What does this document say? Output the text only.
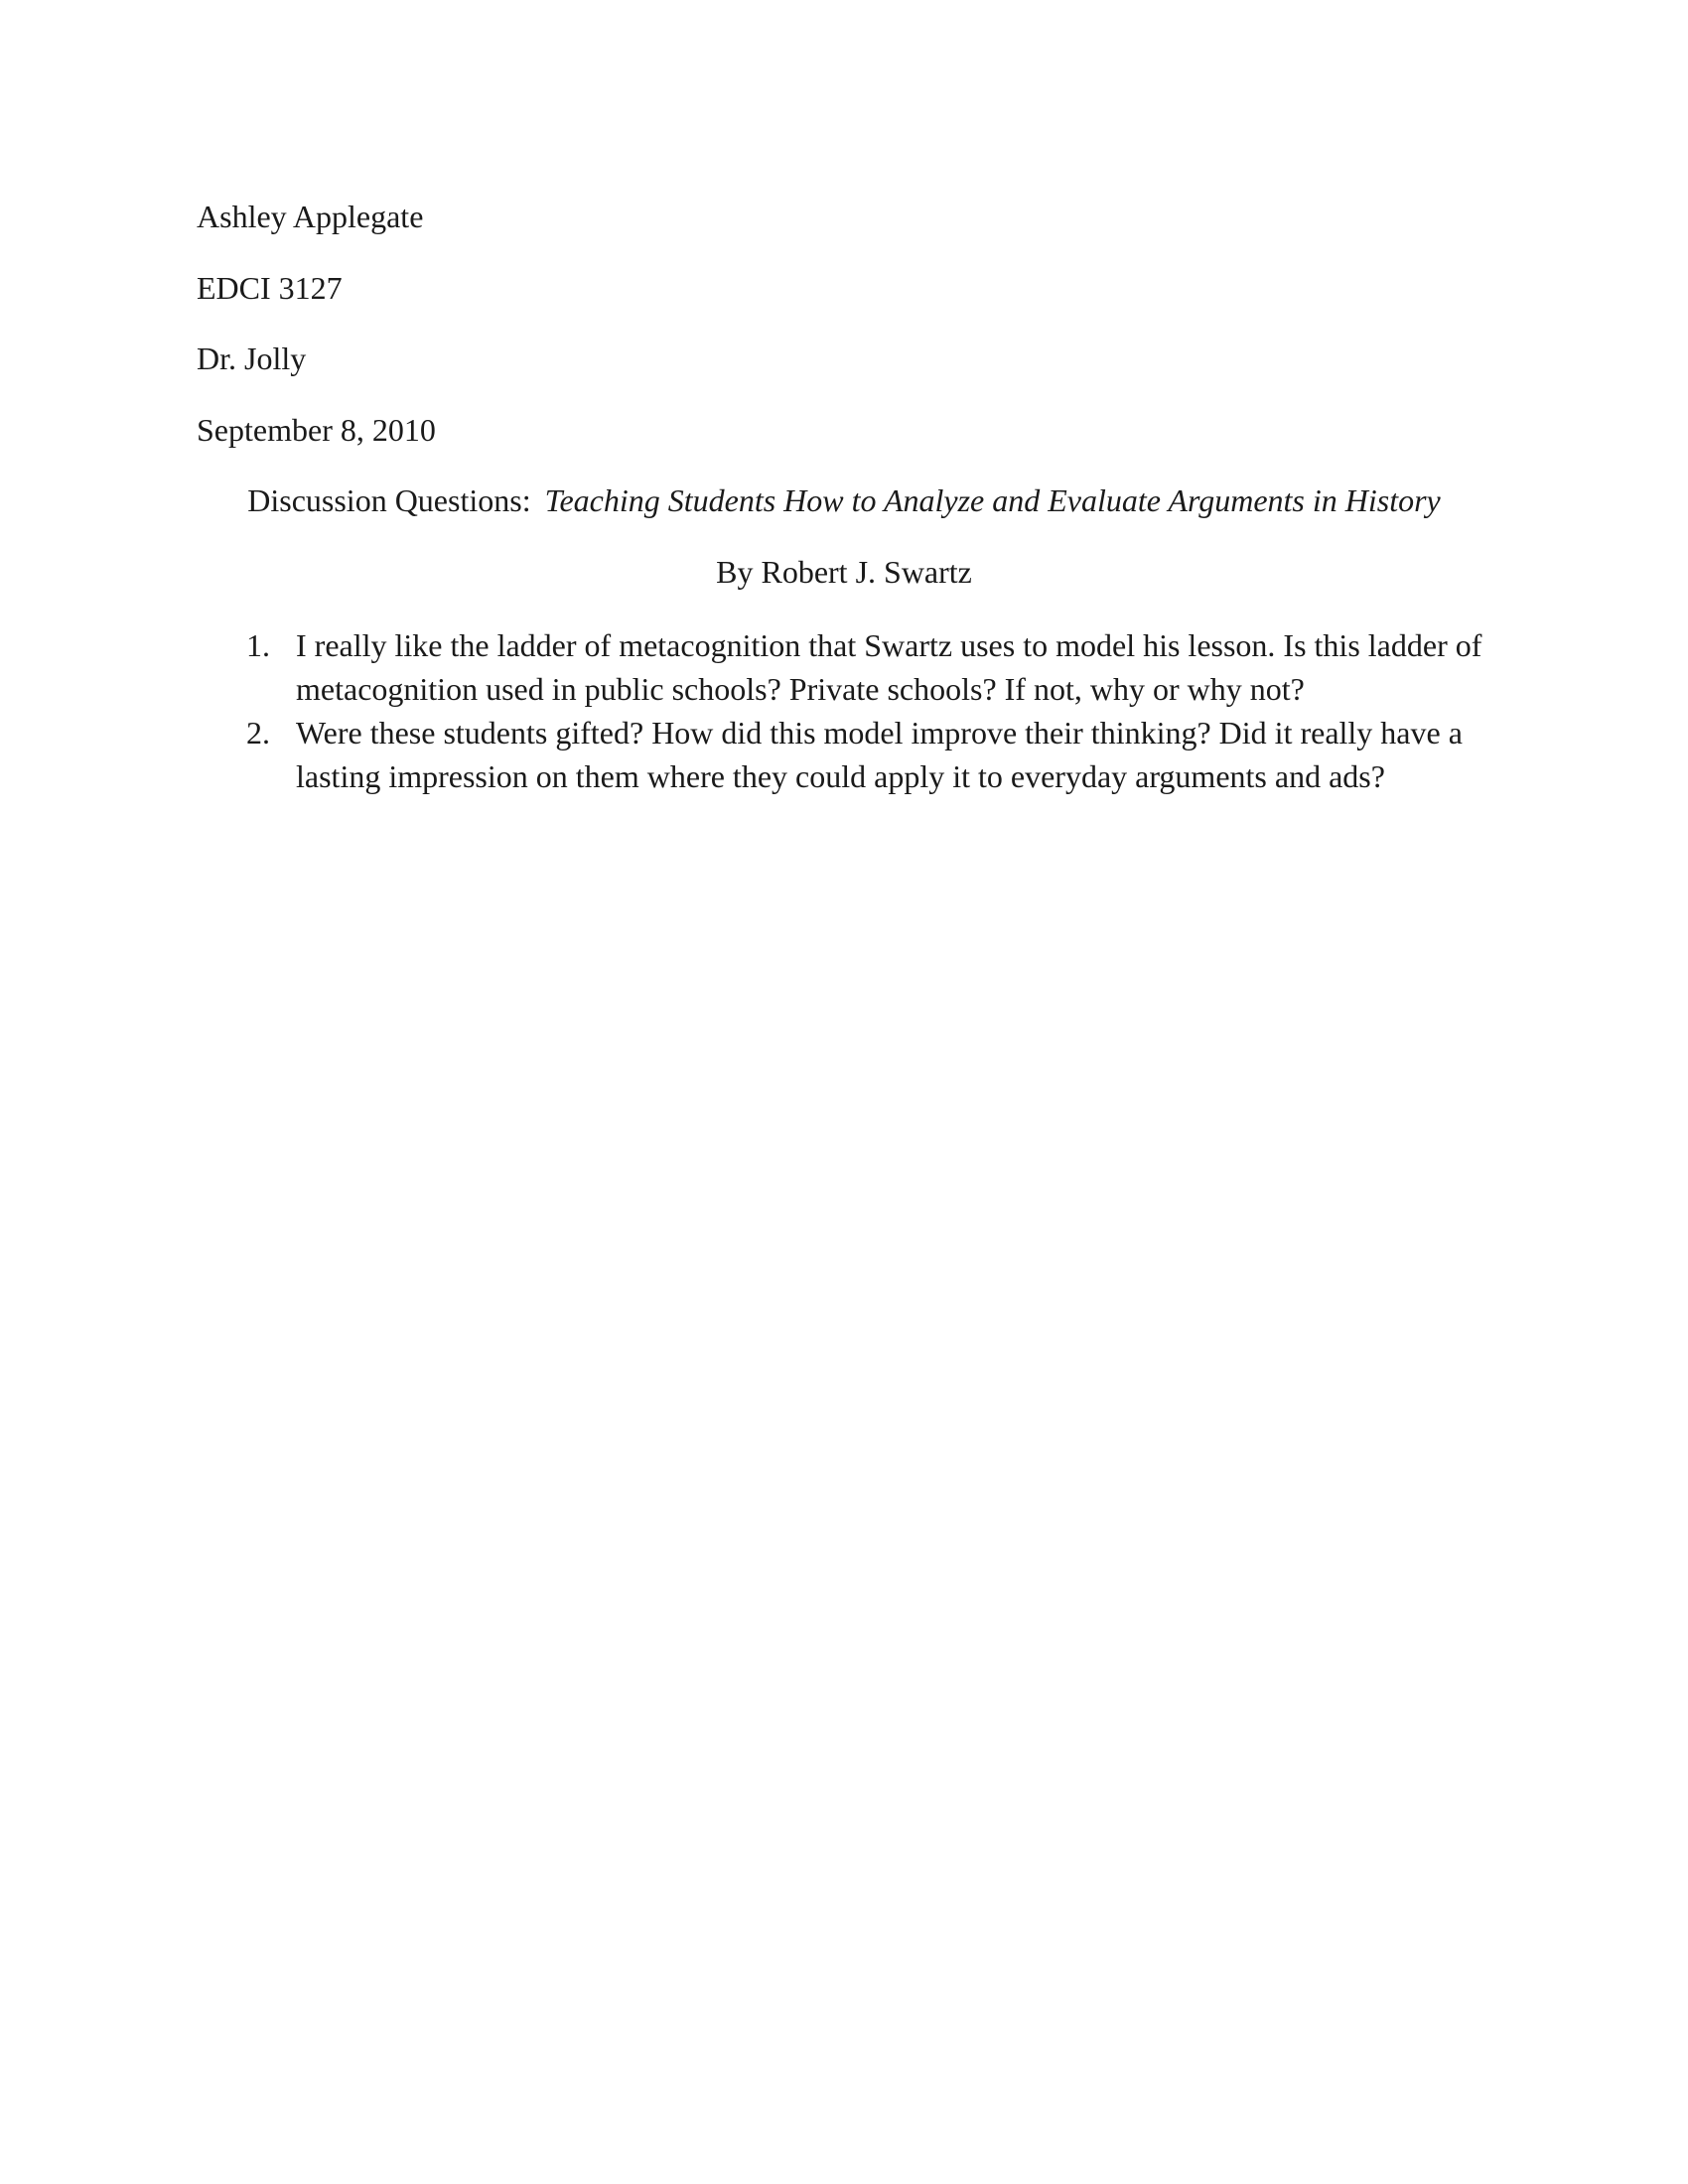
Ashley Applegate
EDCI 3127
Dr. Jolly
September 8, 2010
Discussion Questions: Teaching Students How to Analyze and Evaluate Arguments in History
By Robert J. Swartz
1. I really like the ladder of metacognition that Swartz uses to model his lesson. Is this ladder of metacognition used in public schools? Private schools? If not, why or why not?
2. Were these students gifted? How did this model improve their thinking? Did it really have a lasting impression on them where they could apply it to everyday arguments and ads?
